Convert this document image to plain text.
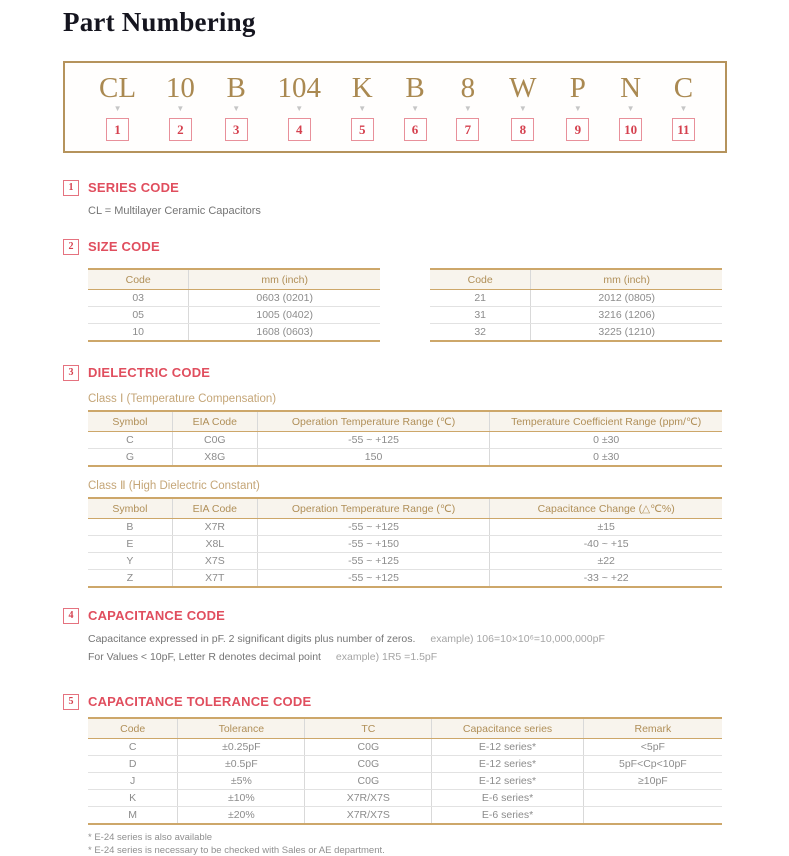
Part Numbering
CL
▼
1
10
▼
2
B
▼
3
104
▼
4
K
▼
5
B
▼
6
8
▼
7
W
▼
8
P
▼
9
N
▼
10
C
▼
11
1	SERIES CODE
CL = Multilayer Ceramic Capacitors
2	SIZE CODE
Code	mm (inch)
03	0603 (0201)
05	1005 (0402)
10	1608 (0603)
Code	mm (inch)
21	2012 (0805)
31	3216 (1206)
32	3225 (1210)
3	DIELECTRIC CODE
Class Ⅰ (Temperature Compensation)
Symbol	EIA Code	Operation Temperature Range (℃)	Temperature Coefficient Range (ppm/℃)
C	C0G	-55 ~ +125	0 ±30
G	X8G	150	0 ±30
Class Ⅱ (High Dielectric Constant)
Symbol	EIA Code	Operation Temperature Range (℃)	Capacitance Change (△℃%)
B	X7R	-55 ~ +125	±15
E	X8L	-55 ~ +150	-40 ~ +15
Y	X7S	-55 ~ +125	±22
Z	X7T	-55 ~ +125	-33 ~ +22
4	CAPACITANCE CODE
Capacitance expressed in pF. 2 significant digits plus number of zeros. example) 106=10×10⁶=10,000,000pF
For Values < 10pF, Letter R denotes decimal point example) 1R5 =1.5pF
5	CAPACITANCE TOLERANCE CODE
Code	Tolerance	TC	Capacitance series	Remark
C	±0.25pF	C0G	E-12 series*	<5pF
D	±0.5pF	C0G	E-12 series*	5pF<Cp<10pF
J	±5%	C0G	E-12 series*	≥10pF
K	±10%	X7R/X7S	E-6 series*	
M	±20%	X7R/X7S	E-6 series*	
* E-24 series is also available
* E-24 series is necessary to be checked with Sales or AE department.
